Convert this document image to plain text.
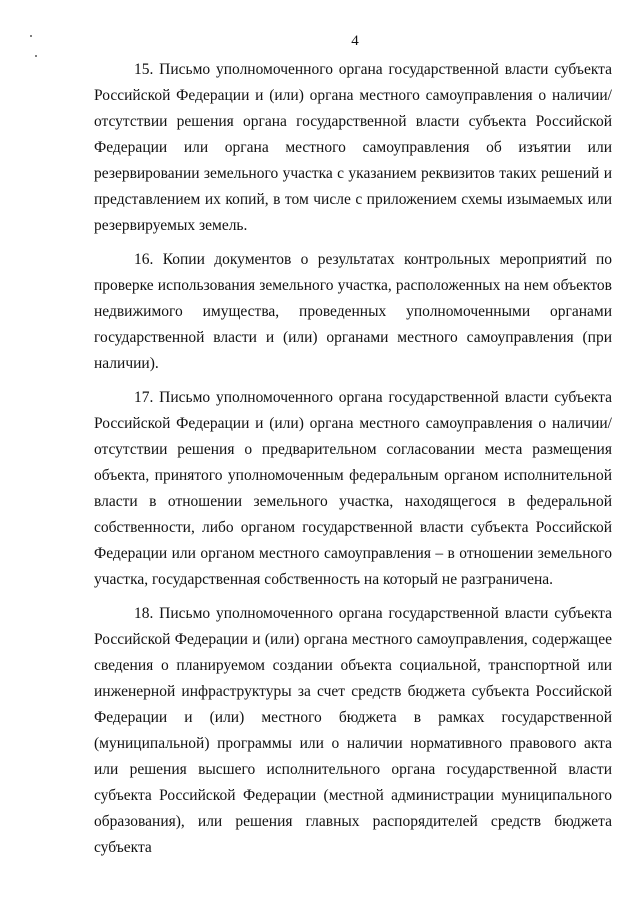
4

15. Письмо уполномоченного органа государственной власти субъекта Российской Федерации и (или) органа местного самоуправления о наличии/отсутствии решения органа государственной власти субъекта Российской Федерации или органа местного самоуправления об изъятии или резервировании земельного участка с указанием реквизитов таких решений и представлением их копий, в том числе с приложением схемы изымаемых или резервируемых земель.

16. Копии документов о результатах контрольных мероприятий по проверке использования земельного участка, расположенных на нем объектов недвижимого имущества, проведенных уполномоченными органами государственной власти и (или) органами местного самоуправления (при наличии).

17. Письмо уполномоченного органа государственной власти субъекта Российской Федерации и (или) органа местного самоуправления о наличии/отсутствии решения о предварительном согласовании места размещения объекта, принятого уполномоченным федеральным органом исполнительной власти в отношении земельного участка, находящегося в федеральной собственности, либо органом государственной власти субъекта Российской Федерации или органом местного самоуправления – в отношении земельного участка, государственная собственность на который не разграничена.

18. Письмо уполномоченного органа государственной власти субъекта Российской Федерации и (или) органа местного самоуправления, содержащее сведения о планируемом создании объекта социальной, транспортной или инженерной инфраструктуры за счет средств бюджета субъекта Российской Федерации и (или) местного бюджета в рамках государственной (муниципальной) программы или о наличии нормативного правового акта или решения высшего исполнительного органа государственной власти субъекта Российской Федерации (местной администрации муниципального образования), или решения главных распорядителей средств бюджета субъекта
